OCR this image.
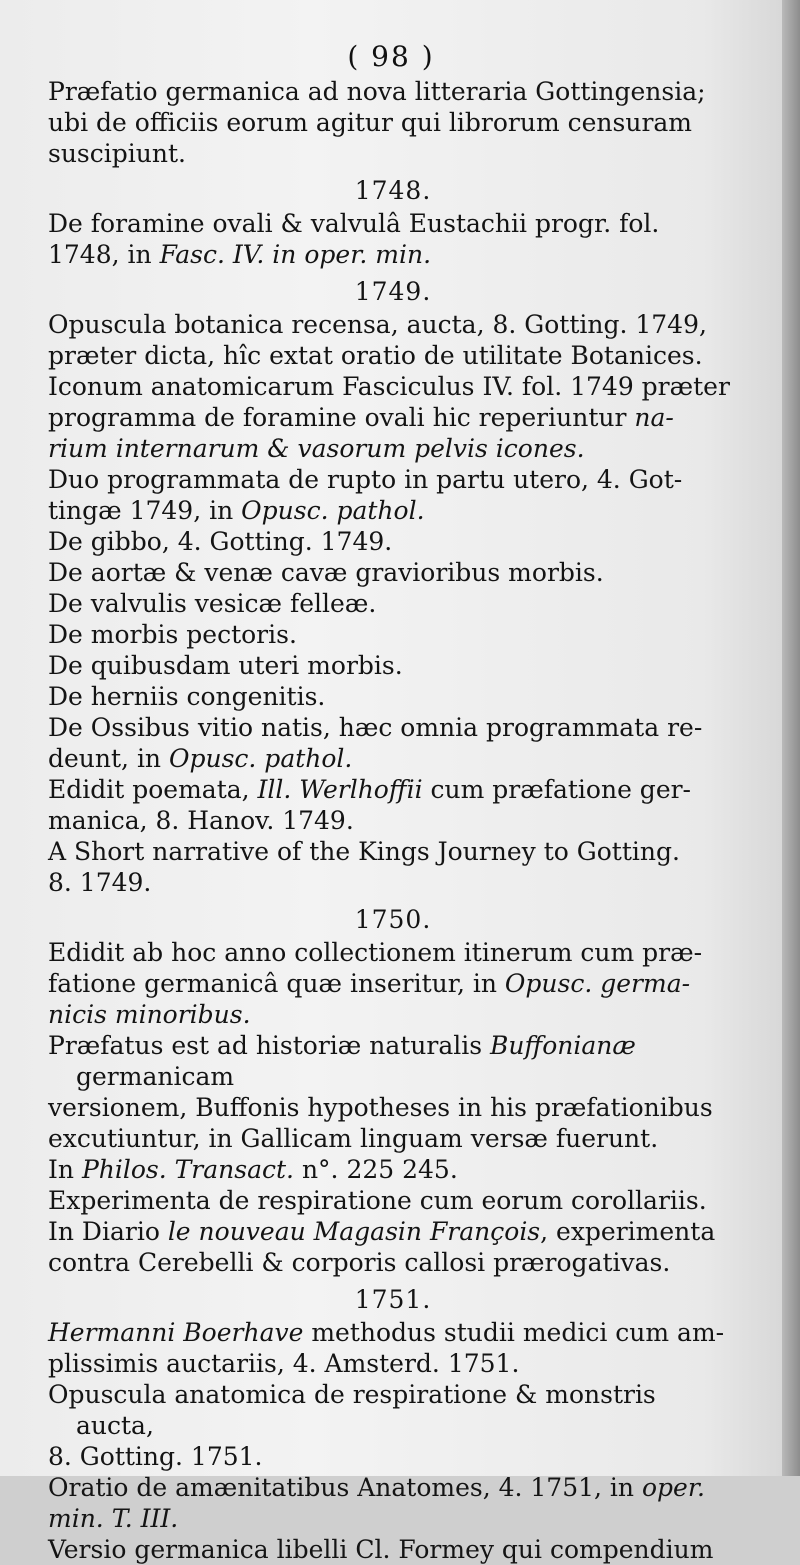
( 98 )

Præfatio germanica ad nova litteraria Gottingensia;
ubi de officiis eorum agitur qui librorum censuram
suscipiunt.

1748.

De foramine ovali & valvulâ Eustachii progr. fol.
1748, in Fasc. IV. in oper. min.

1749.

Opuscula botanica recensa, aucta, 8. Gotting. 1749,
præter dicta, hîc extat oratio de utilitate Botanices.

Iconum anatomicarum Fasciculus IV. fol. 1749 præter
programma de foramine ovali hic reperiuntur na-
rium internarum & vasorum pelvis icones.

Duo programmata de rupto in partu utero, 4. Got-
tingæ 1749, in Opusc. pathol.

De gibbo, 4. Gotting. 1749.

De aortæ & venæ cavæ gravioribus morbis.

De valvulis vesicæ felleæ.

De morbis pectoris.

De quibusdam uteri morbis.

De herniis congenitis.

De Ossibus vitio natis, hæc omnia programmata re-
deunt, in Opusc. pathol.

Edidit poemata, Ill. Werlhoffii cum præfatione ger-
manica, 8. Hanov. 1749.

A Short narrative of the Kings Journey to Gotting.
8. 1749.

1750.

Edidit ab hoc anno collectionem itinerum cum præ-
fatione germanicâ quæ inseritur, in Opusc. germa-
nicis minoribus.

Præfatus est ad historiæ naturalis Buffonianæ germanicam
versionem, Buffonis hypotheses in his præfationibus
excutiuntur, in Gallicam linguam versæ fuerunt.

In Philos. Transact. n°. 225 245.

Experimenta de respiratione cum eorum corollariis.

In Diario le nouveau Magasin François, experimenta
contra Cerebelli & corporis callosi prærogativas.

1751.

Hermanni Boerhave methodus studii medici cum am-
plissimis auctariis, 4. Amsterd. 1751.

Opuscula anatomica de respiratione & monstris aucta,
8. Gotting. 1751.

Oratio de amænitatibus Anatomes, 4. 1751, in oper.
min. T. III.

Versio germanica libelli Cl. Formey qui compendium
